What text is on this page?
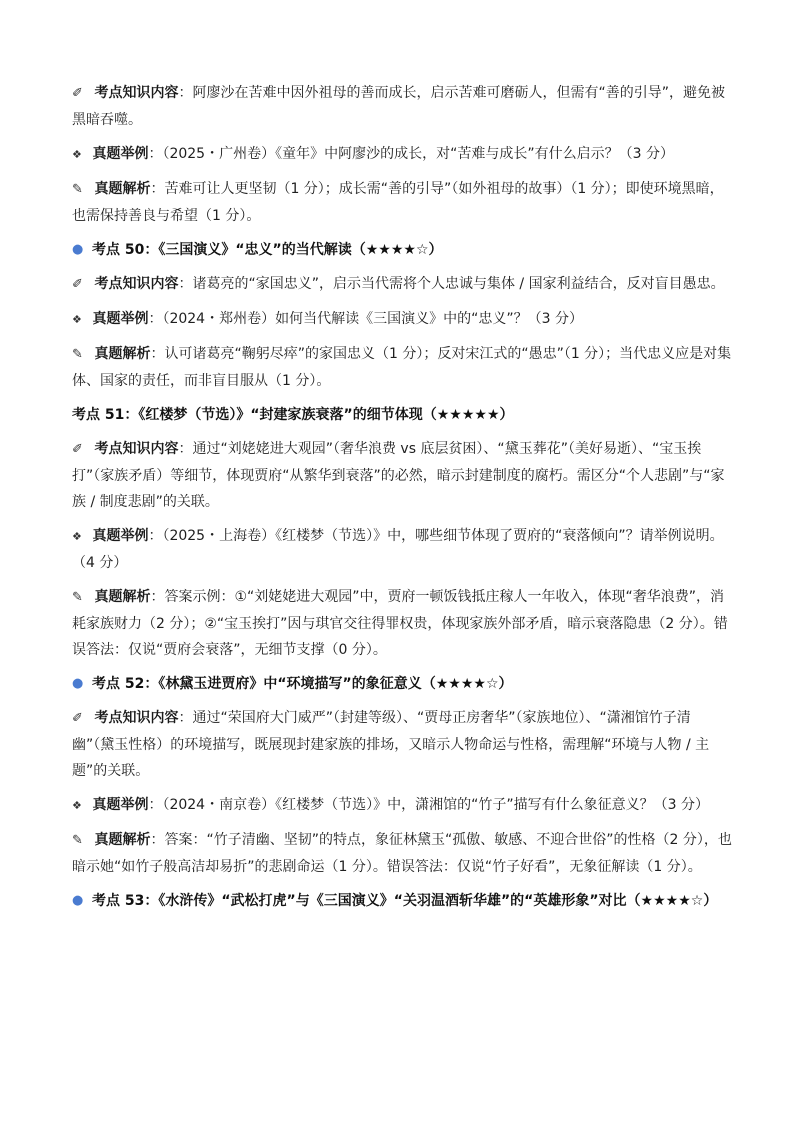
✐ 考点知识内容：阿廖沙在苦难中因外祖母的善而成长，启示苦难可磨砺人，但需有“善的引导”，避免被黑暗吞噬。
❖ 真题举例：（2025・广州卷）《童年》中阿廖沙的成长，对“苦难与成长”有什么启示？（3 分）
✎ 真题解析：苦难可让人更坚韧（1 分）；成长需“善的引导”（如外祖母的故事）（1 分）；即使环境黑暗，也需保持善良与希望（1 分）。
● 考点 50：《三国演义》“忠义”的当代解读（★★★★☆）
✐ 考点知识内容：诸葛亮的“家国忠义”，启示当代需将个人忠诚与集体 / 国家利益结合，反对盲目愚忠。
❖ 真题举例：（2024・郑州卷）如何当代解读《三国演义》中的“忠义”？（3 分）
✎ 真题解析：认可诸葛亮“鞠躬尽瘁”的家国忠义（1 分）；反对宋江式的“愚忠”（1 分）；当代忠义应是对集体、国家的责任，而非盲目服从（1 分）。
考点 51：《红楼梦（节选）》“封建家族衰落”的细节体现（★★★★★）
✐ 考点知识内容：通过“刘姥姥进大观园”（奢华浪费 vs 底层贫困）、“黛玉葬花”（美好易逝）、“宝玉挨打”（家族矛盾）等细节，体现贾府“从繁华到衰落”的必然，暗示封建制度的腐朽。需区分“个人悲剧”与“家族 / 制度悲剧”的关联。
❖ 真题举例：（2025・上海卷）《红楼梦（节选）》中，哪些细节体现了贾府的“衰落倾向”？请举例说明。（4 分）
✎ 真题解析：答案示例：①“刘姥姥进大观园”中，贾府一顿饭钱抵庄稼人一年收入，体现“奢华浪费”，消耗家族财力（2 分）；②“宝玉挨打”因与琪官交往得罪权贵，体现家族外部矛盾，暗示衰落隐患（2 分）。错误答法：仅说“贾府会衰落”，无细节支撑（0 分）。
● 考点 52：《林黛玉进贾府》中“环境描写”的象征意义（★★★★☆）
✐ 考点知识内容：通过“荣国府大门威严”（封建等级）、“贾母正房奢华”（家族地位）、“潇湘馆竹子清幽”（黛玉性格）的环境描写，既展现封建家族的排场，又暗示人物命运与性格，需理解“环境与人物 / 主题”的关联。
❖ 真题举例：（2024・南京卷）《红楼梦（节选）》中，潇湘馆的“竹子”描写有什么象征意义？（3 分）
✎ 真题解析：答案：“竹子清幽、坚韧”的特点，象征林黛玉“孤傲、敏感、不迎合世俗”的性格（2 分），也暗示她“如竹子般高洁却易折”的悲剧命运（1 分）。错误答法：仅说“竹子好看”，无象征解读（1 分）。
● 考点 53：《水浒传》“武松打虎”与《三国演义》“关羽温酒斩华雄”的“英雄形象”对比（★★★★☆）
